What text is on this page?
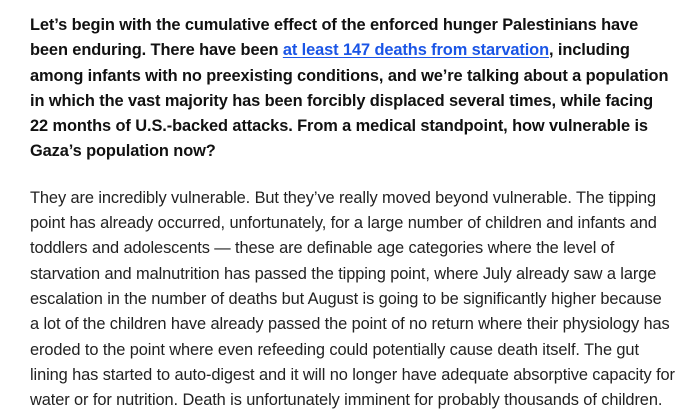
Let’s begin with the cumulative effect of the enforced hunger Palestinians have been enduring. There have been at least 147 deaths from starvation, including among infants with no preexisting conditions, and we’re talking about a population in which the vast majority has been forcibly displaced several times, while facing 22 months of U.S.-backed attacks. From a medical standpoint, how vulnerable is Gaza’s population now?

They are incredibly vulnerable. But they’ve really moved beyond vulnerable. The tipping point has already occurred, unfortunately, for a large number of children and infants and toddlers and adolescents — these are definable age categories where the level of starvation and malnutrition has passed the tipping point, where July already saw a large escalation in the number of deaths but August is going to be significantly higher because a lot of the children have already passed the point of no return where their physiology has eroded to the point where even refeeding could potentially cause death itself. The gut lining has started to auto-digest and it will no longer have adequate absorptive capacity for water or for nutrition. Death is unfortunately imminent for probably thousands of children.
